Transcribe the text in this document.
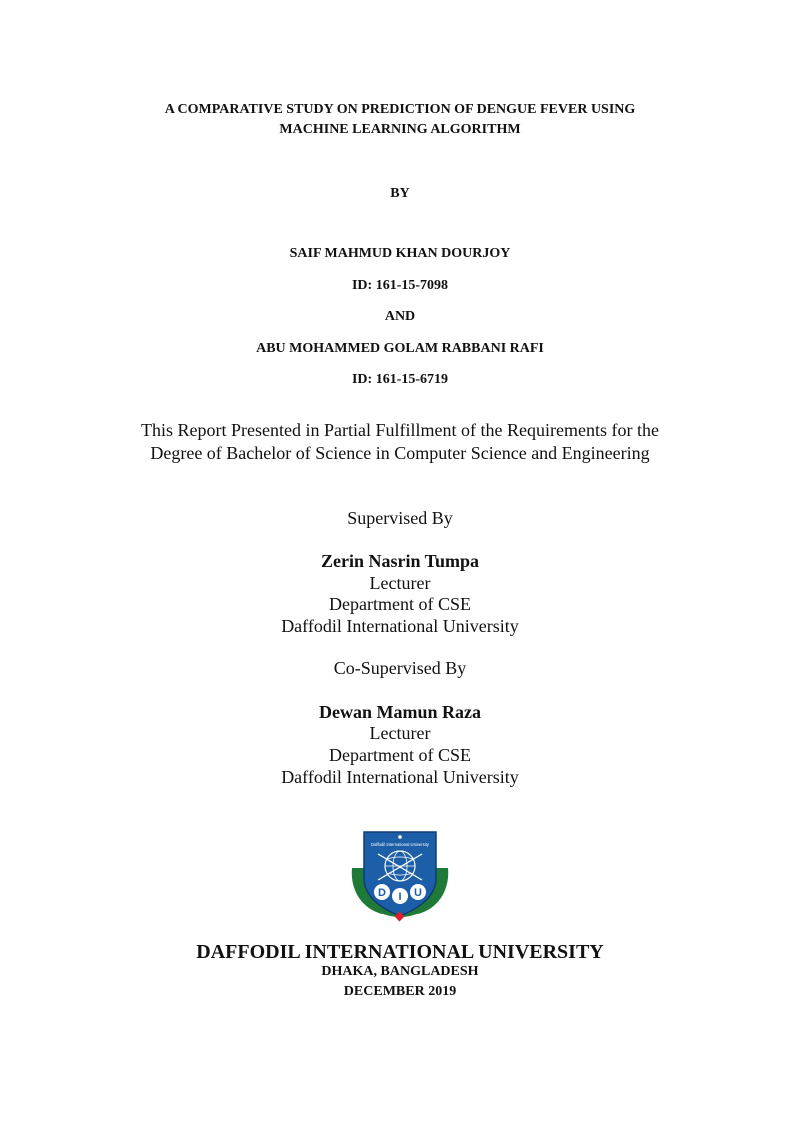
A COMPARATIVE STUDY ON PREDICTION OF DENGUE FEVER USING
MACHINE LEARNING ALGORITHM
BY
SAIF MAHMUD KHAN DOURJOY
ID: 161-15-7098
AND
ABU MOHAMMED GOLAM RABBANI RAFI
ID: 161-15-6719
This Report Presented in Partial Fulfillment of the Requirements for the
Degree of Bachelor of Science in Computer Science and Engineering
Supervised By
Zerin Nasrin Tumpa
Lecturer
Department of CSE
Daffodil International University
Co-Supervised By
Dewan Mamun Raza
Lecturer
Department of CSE
Daffodil International University
Daffodil International University
D I U
DAFFODIL INTERNATIONAL UNIVERSITY
DHAKA, BANGLADESH
DECEMBER 2019
